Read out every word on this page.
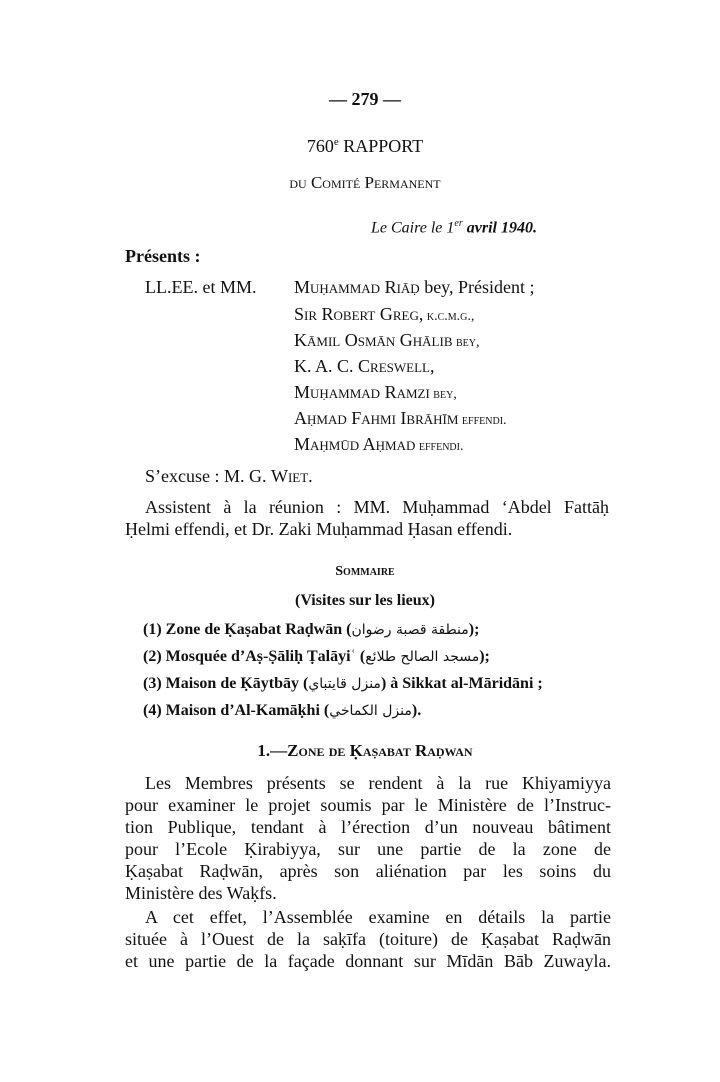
— 279 —
760e RAPPORT
du Comité Permanent
Le Caire le 1er avril 1940.
Présents :
LL.EE. et MM. Muḥammad Riāḍ bey, Président ;
Sir Robert Greg, k.c.m.g.,
Kāmil Osmān Ghālib bey,
K. A. C. Creswell,
Muḥammad Ramzi bey,
Aḥmad Fahmi Ibrāhīm effendi.
Maḥmūd Aḥmad effendi.
S’excuse : M. G. Wiet.
Assistent à la réunion : MM. Muḥammad ‘Abdel Fattāḥ
Ḥelmi effendi, et Dr. Zaki Muḥammad Ḥasan effendi.
Sommaire
(Visites sur les lieux)
(1) Zone de Ḳaṣabat Raḍwān (منطقة قصبة رضوان);
(2) Mosquée d’Aṣ-Ṣāliḥ Ṭalāyiʿ (مسجد الصالح طلائع);
(3) Maison de Ḳāytbāy (منزل قايتباي) à Sikkat al-Māridāni ;
(4) Maison d’Al-Kamāḳhi (منزل الكماخي).
1.—Zone de Ḳaṣabat Raḍwan
Les Membres présents se rendent à la rue Khiyamiyya
pour examiner le projet soumis par le Ministère de l’Instruc-
tion Publique, tendant à l’érection d’un nouveau bâtiment
pour l’Ecole Ḳirabiyya, sur une partie de la zone de
Ḳaṣabat Raḍwān, après son aliénation par les soins du
Ministère des Waḳfs.
A cet effet, l’Assemblée examine en détails la partie
située à l’Ouest de la saḳīfa (toiture) de Ḳaṣabat Raḍwān
et une partie de la façade donnant sur Mīdān Bāb Zuwayla.
